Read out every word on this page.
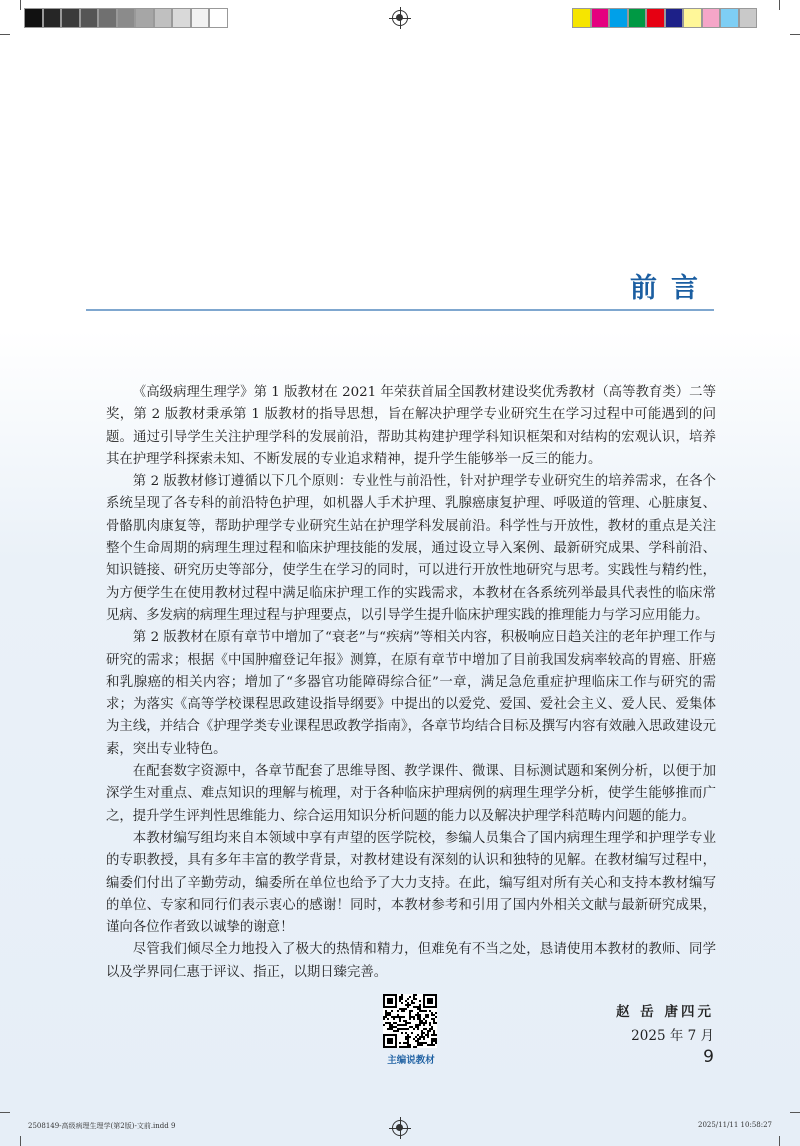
前言

《高级病理生理学》第 1 版教材在 2021 年荣获首届全国教材建设奖优秀教材（高等教育类）二等奖，第 2 版教材秉承第 1 版教材的指导思想，旨在解决护理学专业研究生在学习过程中可能遇到的问题。通过引导学生关注护理学科的发展前沿，帮助其构建护理学科知识框架和对结构的宏观认识，培养其在护理学科探索未知、不断发展的专业追求精神，提升学生能够举一反三的能力。

第 2 版教材修订遵循以下几个原则：专业性与前沿性，针对护理学专业研究生的培养需求，在各个系统呈现了各专科的前沿特色护理，如机器人手术护理、乳腺癌康复护理、呼吸道的管理、心脏康复、骨骼肌肉康复等，帮助护理学专业研究生站在护理学科发展前沿。科学性与开放性，教材的重点是关注整个生命周期的病理生理过程和临床护理技能的发展，通过设立导入案例、最新研究成果、学科前沿、知识链接、研究历史等部分，使学生在学习的同时，可以进行开放性地研究与思考。实践性与精约性，为方便学生在使用教材过程中满足临床护理工作的实践需求，本教材在各系统列举最具代表性的临床常见病、多发病的病理生理过程与护理要点，以引导学生提升临床护理实践的推理能力与学习应用能力。

第 2 版教材在原有章节中增加了“衰老”与“疾病”等相关内容，积极响应日趋关注的老年护理工作与研究的需求；根据《中国肿瘤登记年报》测算，在原有章节中增加了目前我国发病率较高的胃癌、肝癌和乳腺癌的相关内容；增加了“多器官功能障碍综合征”一章，满足急危重症护理临床工作与研究的需求；为落实《高等学校课程思政建设指导纲要》中提出的以爱党、爱国、爱社会主义、爱人民、爱集体为主线，并结合《护理学类专业课程思政教学指南》，各章节均结合目标及撰写内容有效融入思政建设元素，突出专业特色。

在配套数字资源中，各章节配套了思维导图、教学课件、微课、目标测试题和案例分析，以便于加深学生对重点、难点知识的理解与梳理，对于各种临床护理病例的病理生理学分析，使学生能够推而广之，提升学生评判性思维能力、综合运用知识分析问题的能力以及解决护理学科范畴内问题的能力。

本教材编写组均来自本领域中享有声望的医学院校，参编人员集合了国内病理生理学和护理学专业的专职教授，具有多年丰富的教学背景，对教材建设有深刻的认识和独特的见解。在教材编写过程中，编委们付出了辛勤劳动，编委所在单位也给予了大力支持。在此，编写组对所有关心和支持本教材编写的单位、专家和同行们表示衷心的感谢！同时，本教材参考和引用了国内外相关文献与最新研究成果，谨向各位作者致以诚挚的谢意！

尽管我们倾尽全力地投入了极大的热情和精力，但难免有不当之处，恳请使用本教材的教师、同学以及学界同仁惠于评议、指正，以期日臻完善。

主编说教材
赵 岳 唐四元
2025 年 7 月
9
2508149-高级病理生理学(第2版)-文前.indd 9	2025/11/11 10:58:27
